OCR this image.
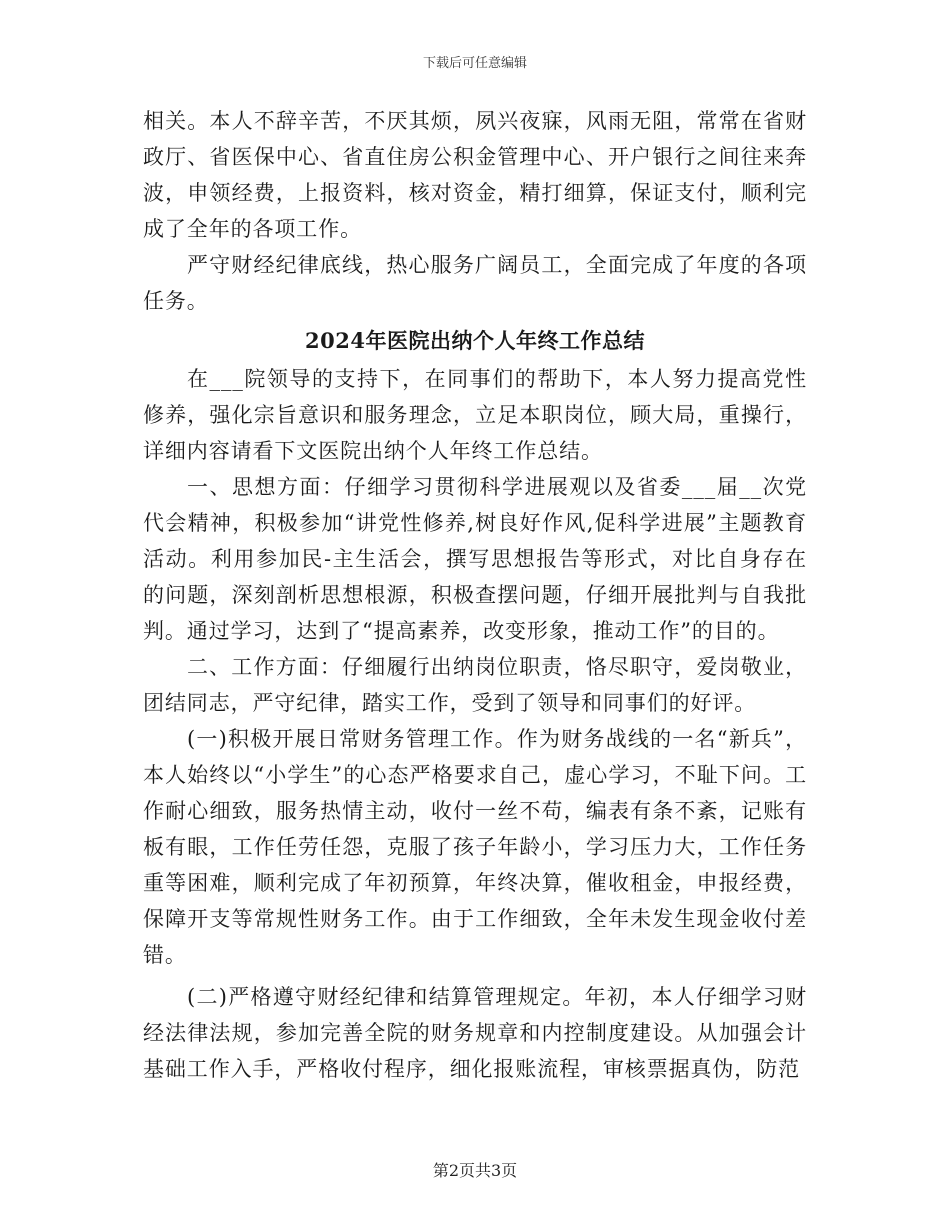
下载后可任意编辑

相关。本人不辞辛苦，不厌其烦，夙兴夜寐，风雨无阻，常常在省财政厅、省医保中心、省直住房公积金管理中心、开户银行之间往来奔波，申领经费，上报资料，核对资金，精打细算，保证支付，顺利完成了全年的各项工作。

严守财经纪律底线，热心服务广阔员工，全面完成了年度的各项任务。

2024年医院出纳个人年终工作总结

在___院领导的支持下，在同事们的帮助下，本人努力提高党性修养，强化宗旨意识和服务理念，立足本职岗位，顾大局，重操行，详细内容请看下文医院出纳个人年终工作总结。

一、思想方面：仔细学习贯彻科学进展观以及省委___届__次党代会精神，积极参加“讲党性修养,树良好作风,促科学进展”主题教育活动。利用参加民-主生活会，撰写思想报告等形式，对比自身存在的问题，深刻剖析思想根源，积极查摆问题，仔细开展批判与自我批判。通过学习，达到了“提高素养，改变形象，推动工作”的目的。

二、工作方面：仔细履行出纳岗位职责，恪尽职守，爱岗敬业，团结同志，严守纪律，踏实工作，受到了领导和同事们的好评。

(一)积极开展日常财务管理工作。作为财务战线的一名“新兵”，本人始终以“小学生”的心态严格要求自己，虚心学习，不耻下问。工作耐心细致，服务热情主动，收付一丝不苟，编表有条不紊，记账有板有眼，工作任劳任怨，克服了孩子年龄小，学习压力大，工作任务重等困难，顺利完成了年初预算，年终决算，催收租金，申报经费，保障开支等常规性财务工作。由于工作细致，全年未发生现金收付差错。

(二)严格遵守财经纪律和结算管理规定。年初，本人仔细学习财经法律法规，参加完善全院的财务规章和内控制度建设。从加强会计基础工作入手，严格收付程序，细化报账流程，审核票据真伪，防范

第2页共3页
